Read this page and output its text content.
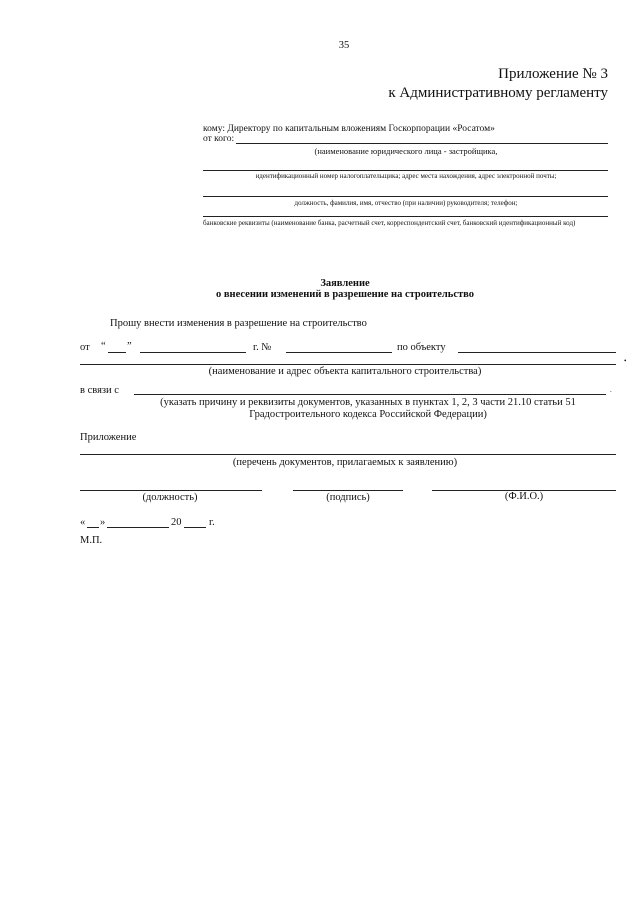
35
Приложение № 3
к Административному регламенту
кому: Директору по капитальным вложениям Госкорпорации «Росатом»
от кого:
(наименование юридического лица - застройщика,
идентификационный номер налогоплательщика; адрес места нахождения, адрес электронной почты;
должность, фамилия, имя, отчество (при наличии) руководителя; телефон;
банковские реквизиты (наименование банка, расчетный счет, корреспондентский счет, банковский идентификационный код)
Заявление
о внесении изменений в разрешение на строительство
Прошу внести изменения в разрешение на строительство
от “ ”	г. №	по объекту
(наименование и адрес объекта капитального строительства)
в связи с
(указать причину и реквизиты документов, указанных в пунктах 1, 2, 3 части 21.10 статьи 51
Градостроительного кодекса Российской Федерации)
Приложение
(перечень документов, прилагаемых к заявлению)
(должность)	(подпись)	(Ф.И.О.)
« »	20	г.
М.П.
•
.
